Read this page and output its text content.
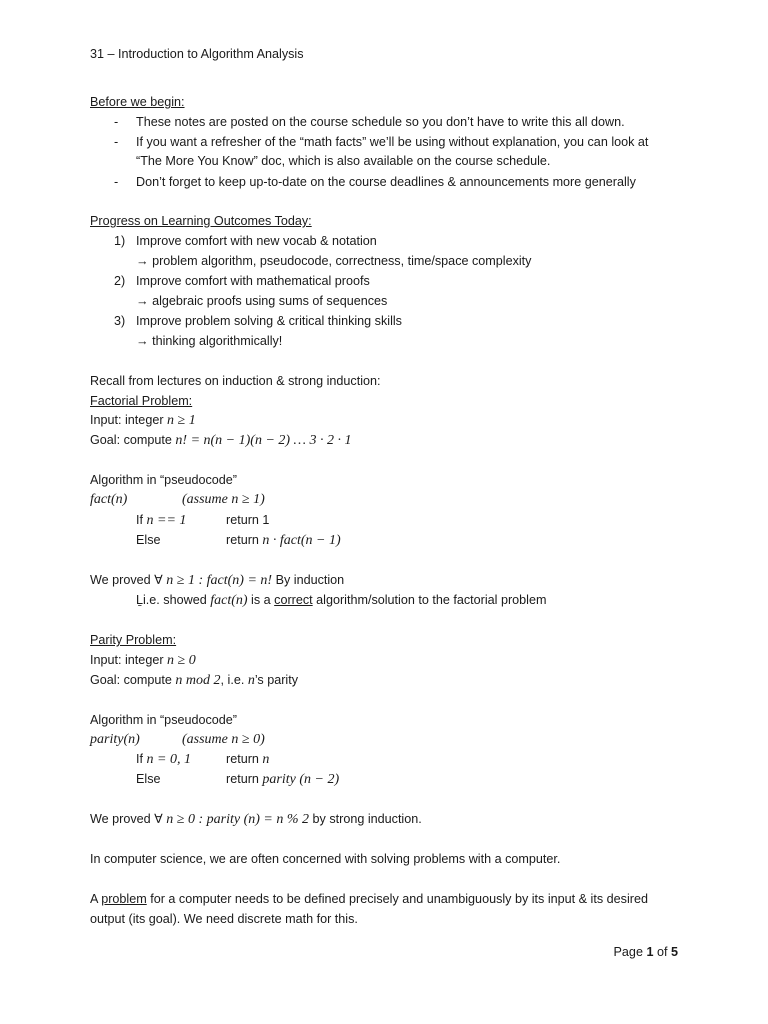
31 – Introduction to Algorithm Analysis
Before we begin:
- These notes are posted on the course schedule so you don’t have to write this all down.
- If you want a refresher of the “math facts” we’ll be using without explanation, you can look at
“The More You Know” doc, which is also available on the course schedule.
- Don’t forget to keep up-to-date on the course deadlines & announcements more generally
Progress on Learning Outcomes Today:
1) Improve comfort with new vocab & notation
→ problem algorithm, pseudocode, correctness, time/space complexity
2) Improve comfort with mathematical proofs
→ algebraic proofs using sums of sequences
3) Improve problem solving & critical thinking skills
→ thinking algorithmically!
Recall from lectures on induction & strong induction:
Factorial Problem:
Input: integer n ≥ 1
Goal: compute n! = n(n − 1)(n − 2) … 3 · 2 · 1
Algorithm in “pseudocode”
fact(n)	(assume n ≥ 1)
If n == 1	return 1
Else	return n · fact(n − 1)
We proved ∀ n ≥ 1 : fact(n) = n! By induction
Ḻi.e. showed fact(n) is a correct algorithm/solution to the factorial problem
Parity Problem:
Input: integer n ≥ 0
Goal: compute n mod 2, i.e. n’s parity
Algorithm in “pseudocode”
parity(n)	(assume n ≥ 0)
If n = 0, 1	return n
Else	return parity (n − 2)
We proved ∀ n ≥ 0 : parity (n) = n % 2 by strong induction.
In computer science, we are often concerned with solving problems with a computer.
A problem for a computer needs to be defined precisely and unambiguously by its input & its desired
output (its goal). We need discrete math for this.
Page 1 of 5
